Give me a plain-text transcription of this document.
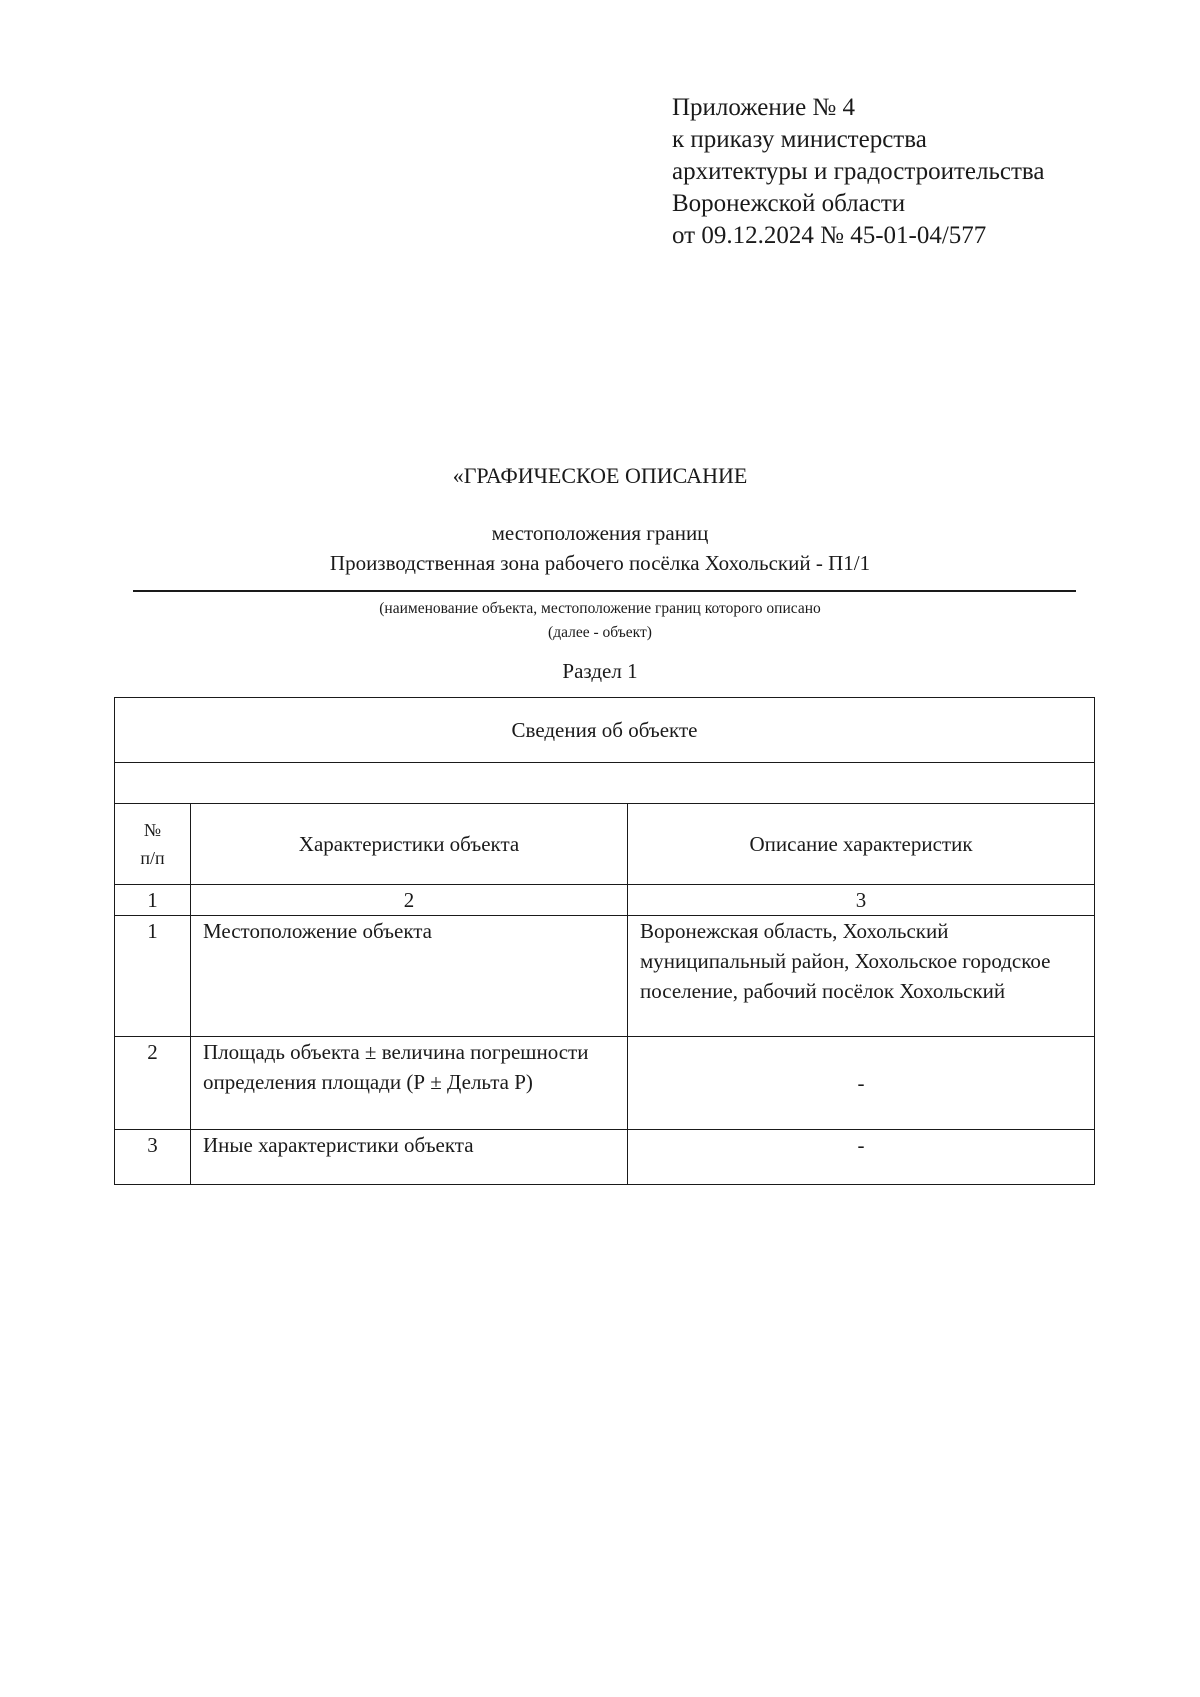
Приложение № 4
к приказу министерства
архитектуры и градостроительства
Воронежской области
от 09.12.2024 № 45-01-04/577
«ГРАФИЧЕСКОЕ ОПИСАНИЕ
местоположения границ
Производственная зона рабочего посёлка Хохольский - П1/1
(наименование объекта, местоположение границ которого описано
(далее - объект)
Раздел 1
Сведения об объекте		

№
п/п	Характеристики объекта	Описание характеристик
1	2	3
1	Местоположение объекта	Воронежская область, Хохольский муниципальный район, Хохольское городское поселение, рабочий посёлок Хохольский
2	Площадь объекта ± величина погрешности определения площади (Р ± Дельта Р)	-
3	Иные характеристики объекта	-
